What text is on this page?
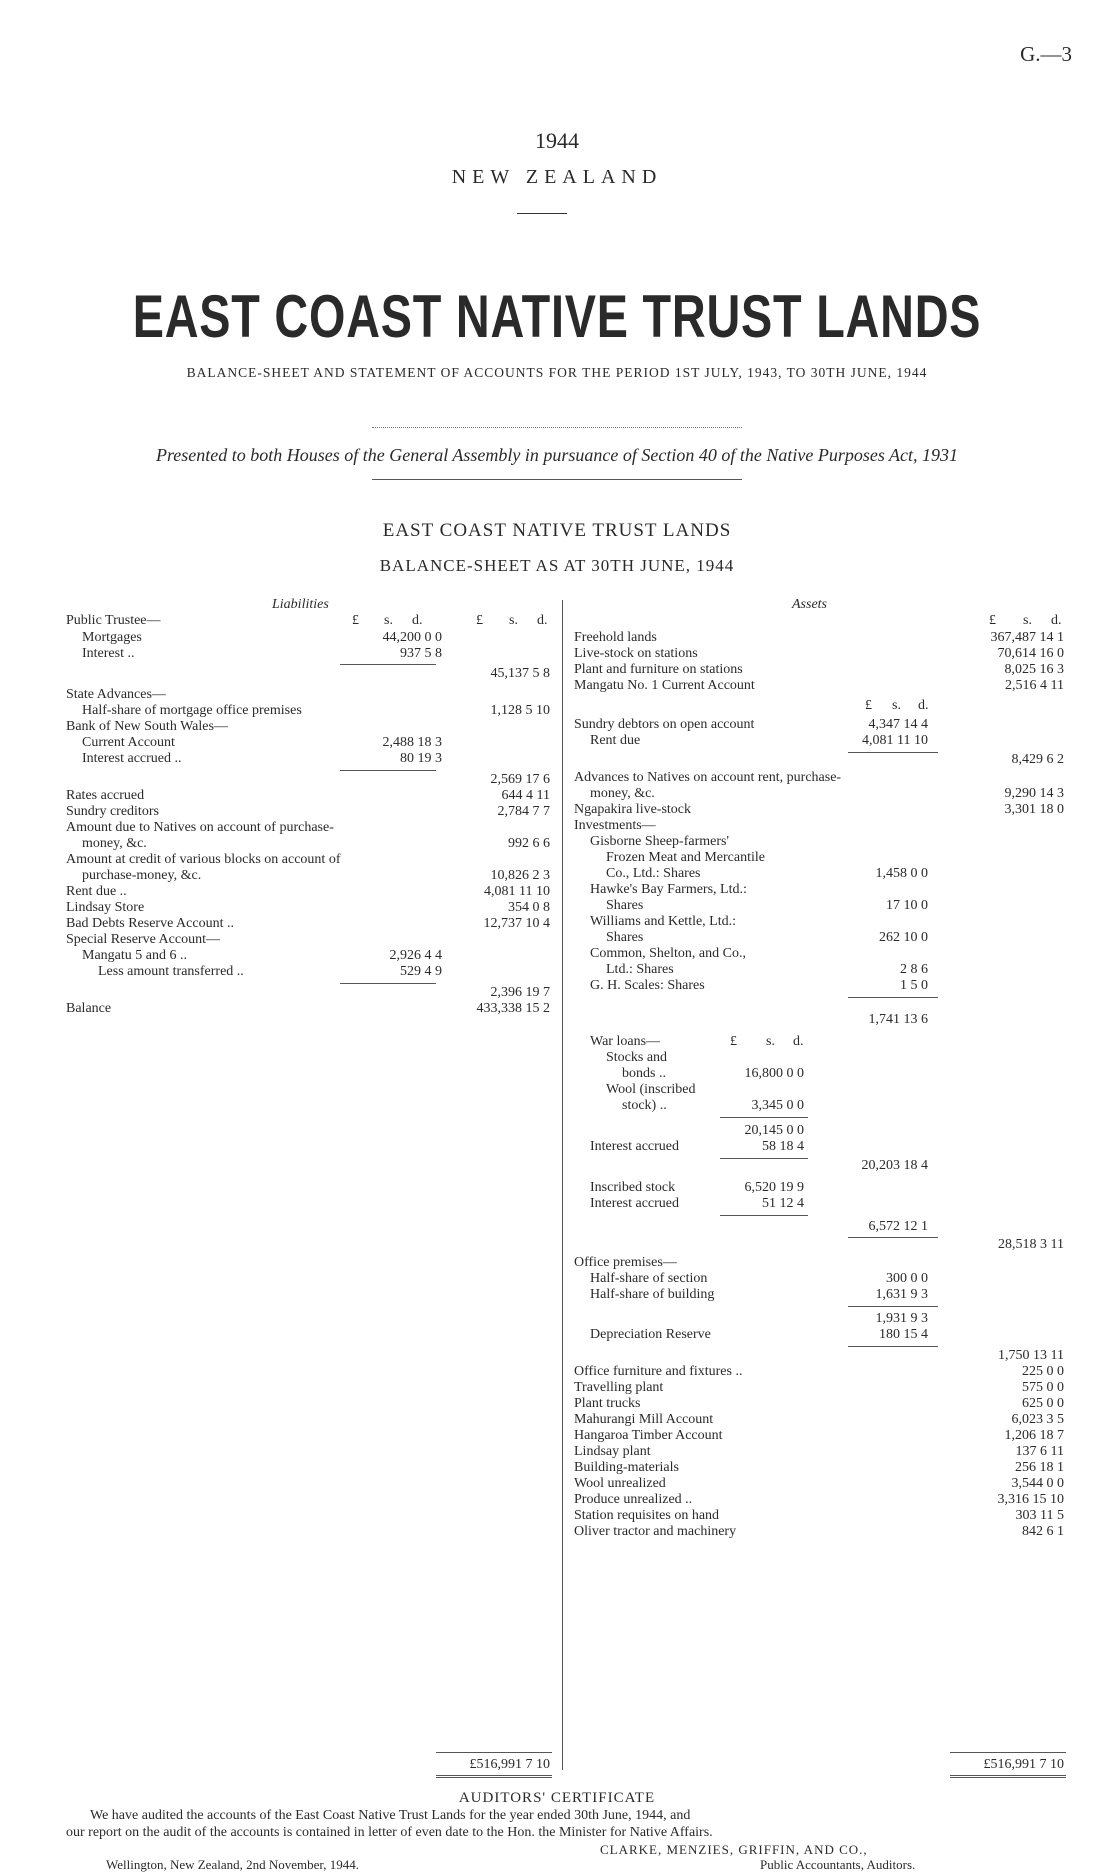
G.—3
1944
NEW ZEALAND
EAST COAST NATIVE TRUST LANDS
BALANCE-SHEET AND STATEMENT OF ACCOUNTS FOR THE PERIOD 1ST JULY, 1943, TO 30TH JUNE, 1944
Presented to both Houses of the General Assembly in pursuance of Section 40 of the Native Purposes Act, 1931
EAST COAST NATIVE TRUST LANDS
BALANCE-SHEET AS AT 30TH JUNE, 1944
Liabilities
£ s. d.	£ s. d.
Public Trustee—
Mortgages	44,200 0 0
Interest ..	937 5 8
45,137 5 8
State Advances—
Half-share of mortgage office premises	1,128 5 10
Bank of New South Wales—
Current Account	2,488 18 3
Interest accrued ..	80 19 3
2,569 17 6
Rates accrued	644 4 11
Sundry creditors	2,784 7 7
Amount due to Natives on account of purchase-
money, &c.	992 6 6
Amount at credit of various blocks on account of
purchase-money, &c.	10,826 2 3
Rent due ..	4,081 11 10
Lindsay Store	354 0 8
Bad Debts Reserve Account ..	12,737 10 4
Special Reserve Account—
Mangatu 5 and 6 ..	2,926 4 4
Less amount transferred ..	529 4 9
2,396 19 7
Balance	433,338 15 2
£516,991 7 10
Assets
£ s. d.
Freehold lands	367,487 14 1
Live-stock on stations	70,614 16 0
Plant and furniture on stations	8,025 16 3
Mangatu No. 1 Current Account	2,516 4 11
£ s. d.
Sundry debtors on open account	4,347 14 4
Rent due	4,081 11 10
8,429 6 2
Advances to Natives on account rent, purchase-
money, &c.	9,290 14 3
Ngapakira live-stock	3,301 18 0
Investments—
Gisborne Sheep-farmers'
Frozen Meat and Mercantile
Co., Ltd.: Shares	1,458 0 0
Hawke's Bay Farmers, Ltd.:
Shares	17 10 0
Williams and Kettle, Ltd.:
Shares	262 10 0
Common, Shelton, and Co.,
Ltd.: Shares	2 8 6
G. H. Scales: Shares	1 5 0
1,741 13 6
War loans—	£ s. d.
Stocks and
bonds ..	16,800 0 0
Wool (inscribed
stock) ..	3,345 0 0
20,145 0 0
Interest accrued	58 18 4
20,203 18 4
Inscribed stock	6,520 19 9
Interest accrued	51 12 4
6,572 12 1
28,518 3 11
Office premises—
Half-share of section	300 0 0
Half-share of building	1,631 9 3
1,931 9 3
Depreciation Reserve	180 15 4
1,750 13 11
Office furniture and fixtures ..	225 0 0
Travelling plant	575 0 0
Plant trucks	625 0 0
Mahurangi Mill Account	6,023 3 5
Hangaroa Timber Account	1,206 18 7
Lindsay plant	137 6 11
Building-materials	256 18 1
Wool unrealized	3,544 0 0
Produce unrealized ..	3,316 15 10
Station requisites on hand	303 11 5
Oliver tractor and machinery	842 6 1
£516,991 7 10
AUDITORS' CERTIFICATE
We have audited the accounts of the East Coast Native Trust Lands for the year ended 30th June, 1944, and
our report on the audit of the accounts is contained in letter of even date to the Hon. the Minister for Native Affairs.
CLARKE, MENZIES, GRIFFIN, AND CO.,
Wellington, New Zealand, 2nd November, 1944.	Public Accountants, Auditors.
